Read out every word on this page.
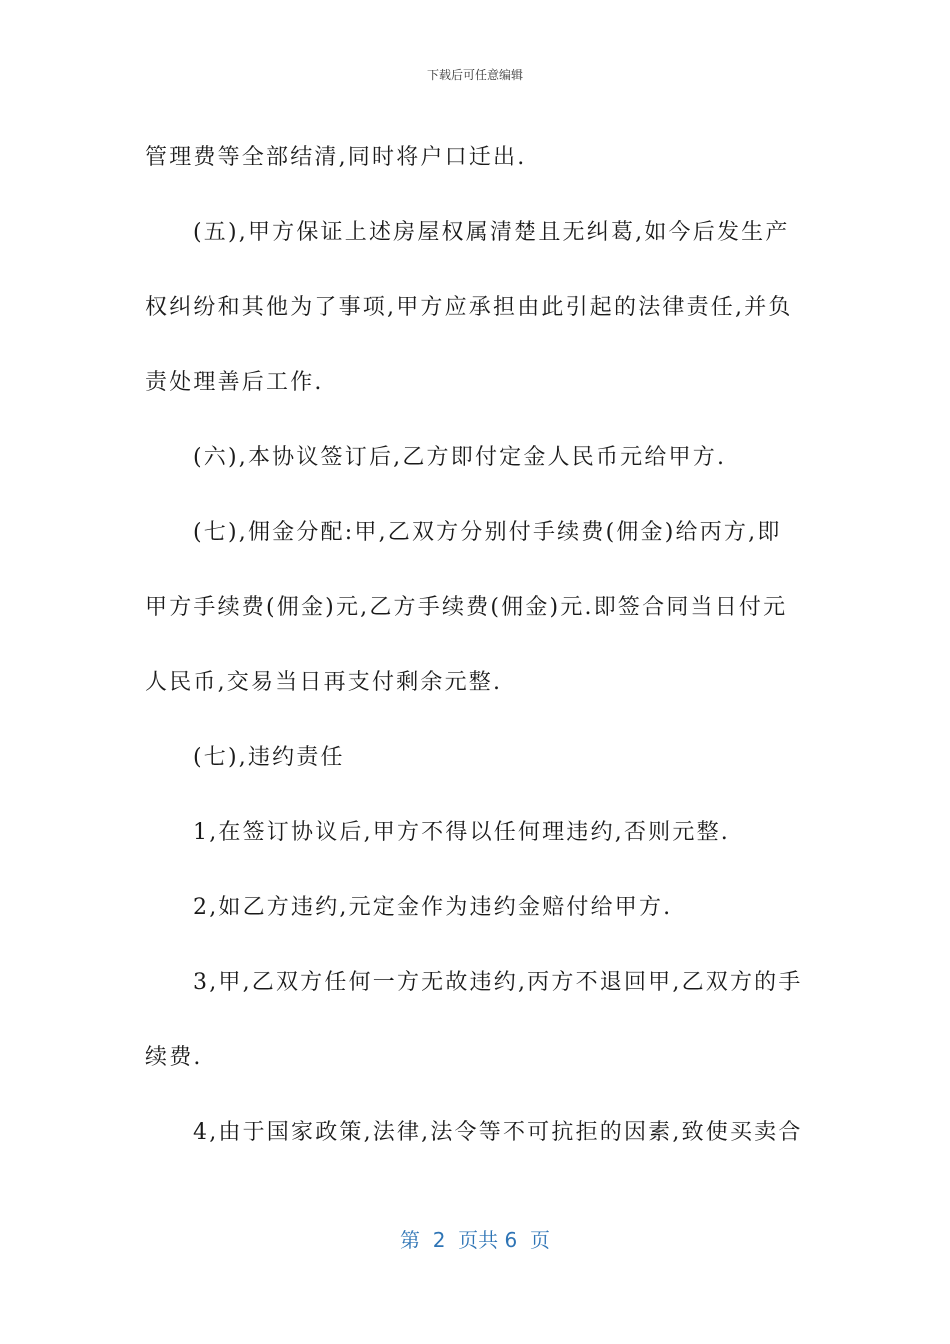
下载后可任意编辑
管理费等全部结清,同时将户口迁出.
(五),甲方保证上述房屋权属清楚且无纠葛,如今后发生产
权纠纷和其他为了事项,甲方应承担由此引起的法律责任,并负
责处理善后工作.
(六),本协议签订后,乙方即付定金人民币元给甲方.
(七),佣金分配:甲,乙双方分别付手续费(佣金)给丙方,即
甲方手续费(佣金)元,乙方手续费(佣金)元.即签合同当日付元
人民币,交易当日再支付剩余元整.
(七),违约责任
1,在签订协议后,甲方不得以任何理违约,否则元整.
2,如乙方违约,元定金作为违约金赔付给甲方.
3,甲,乙双方任何一方无故违约,丙方不退回甲,乙双方的手
续费.
4,由于国家政策,法律,法令等不可抗拒的因素,致使买卖合
第  2  页共 6  页
